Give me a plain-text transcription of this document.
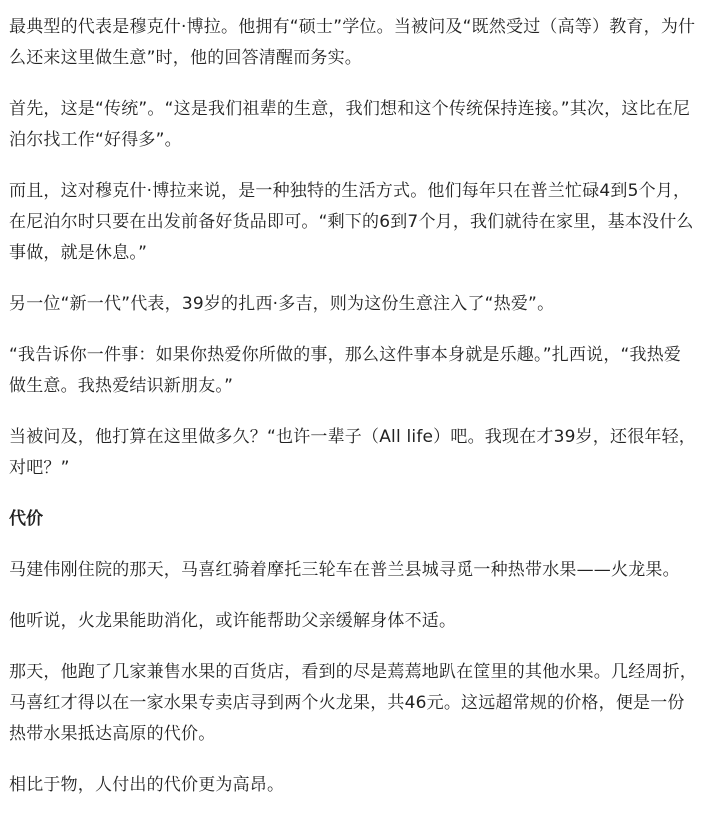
最典型的代表是穆克什·博拉。他拥有“硕士”学位。当被问及“既然受过（高等）教育，为什么还来这里做生意”时，他的回答清醒而务实。

首先，这是“传统”。“这是我们祖辈的生意，我们想和这个传统保持连接。”其次，这比在尼泊尔找工作“好得多”。

而且，这对穆克什·博拉来说，是一种独特的生活方式。他们每年只在普兰忙碌4到5个月，在尼泊尔时只要在出发前备好货品即可。“剩下的6到7个月，我们就待在家里，基本没什么事做，就是休息。”

另一位“新一代”代表，39岁的扎西·多吉，则为这份生意注入了“热爱”。

“我告诉你一件事：如果你热爱你所做的事，那么这件事本身就是乐趣。”扎西说，“我热爱做生意。我热爱结识新朋友。”

当被问及，他打算在这里做多久？“也许一辈子（All life）吧。我现在才39岁，还很年轻，对吧？”

代价

马建伟刚住院的那天，马喜红骑着摩托三轮车在普兰县城寻觅一种热带水果——火龙果。

他听说，火龙果能助消化，或许能帮助父亲缓解身体不适。

那天，他跑了几家兼售水果的百货店，看到的尽是蔫蔫地趴在筐里的其他水果。几经周折，马喜红才得以在一家水果专卖店寻到两个火龙果，共46元。这远超常规的价格，便是一份热带水果抵达高原的代价。

相比于物，人付出的代价更为高昂。
